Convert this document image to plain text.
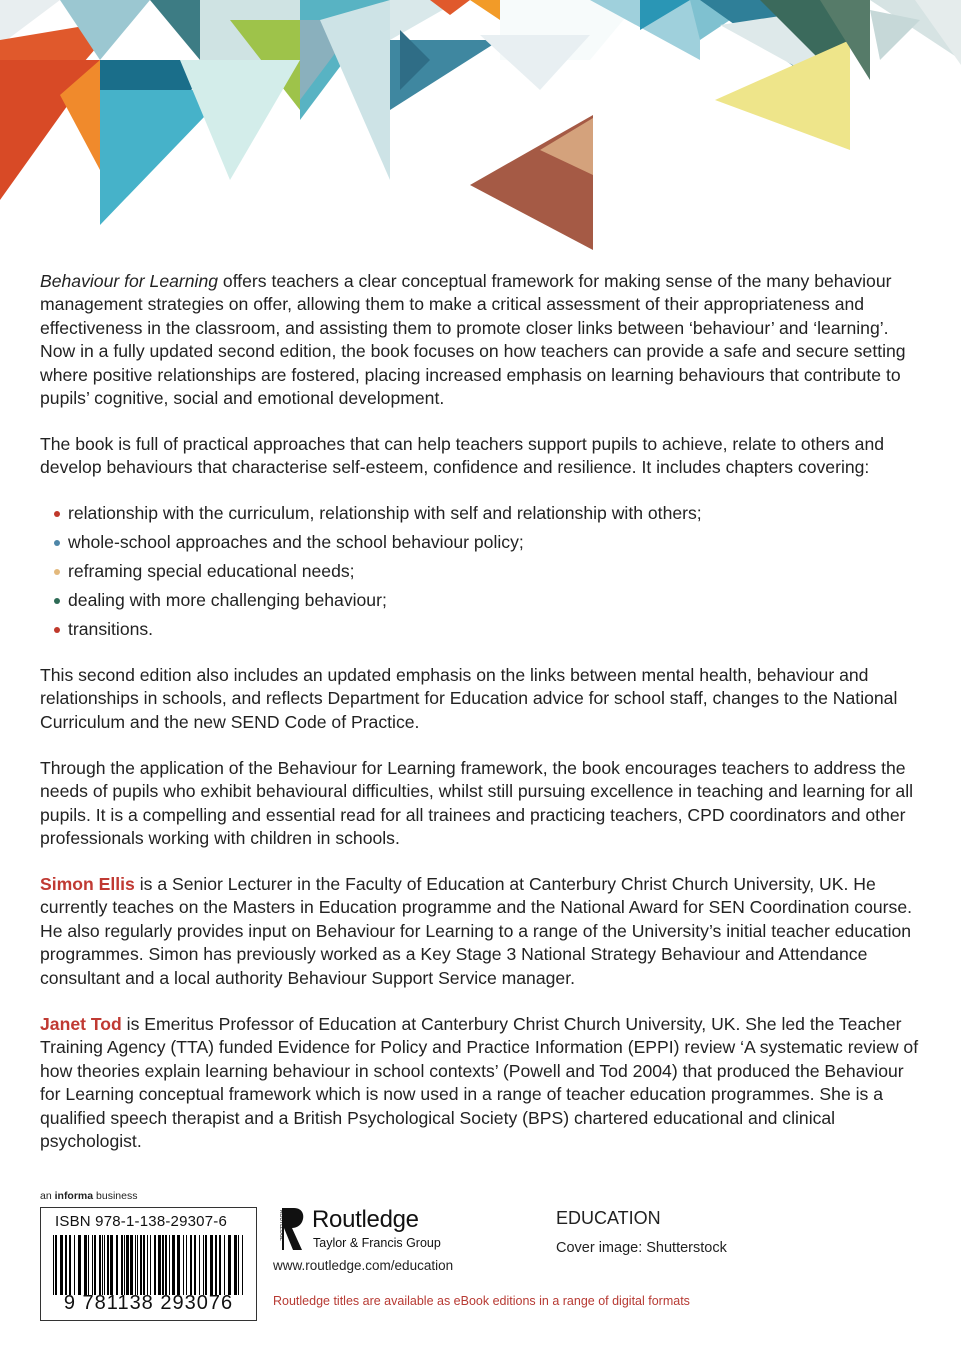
Behaviour for Learning offers teachers a clear conceptual framework for making sense of the many behaviour management strategies on offer, allowing them to make a critical assessment of their appropriateness and effectiveness in the classroom, and assisting them to promote closer links between ‘behaviour’ and ‘learning’. Now in a fully updated second edition, the book focuses on how teachers can provide a safe and secure setting where positive relationships are fostered, placing increased emphasis on learning behaviours that contribute to pupils’ cognitive, social and emotional development.

The book is full of practical approaches that can help teachers support pupils to achieve, relate to others and develop behaviours that characterise self-esteem, confidence and resilience. It includes chapters covering:

relationship with the curriculum, relationship with self and relationship with others;
whole-school approaches and the school behaviour policy;
reframing special educational needs;
dealing with more challenging behaviour;
transitions.

This second edition also includes an updated emphasis on the links between mental health, behaviour and relationships in schools, and reflects Department for Education advice for school staff, changes to the National Curriculum and the new SEND Code of Practice.

Through the application of the Behaviour for Learning framework, the book encourages teachers to address the needs of pupils who exhibit behavioural difficulties, whilst still pursuing excellence in teaching and learning for all pupils. It is a compelling and essential read for all trainees and practicing teachers, CPD coordinators and other professionals working with children in schools.

Simon Ellis is a Senior Lecturer in the Faculty of Education at Canterbury Christ Church University, UK. He currently teaches on the Masters in Education programme and the National Award for SEN Coordination course. He also regularly provides input on Behaviour for Learning to a range of the University’s initial teacher education programmes. Simon has previously worked as a Key Stage 3 National Strategy Behaviour and Attendance consultant and a local authority Behaviour Support Service manager.

Janet Tod is Emeritus Professor of Education at Canterbury Christ Church University, UK. She led the Teacher Training Agency (TTA) funded Evidence for Policy and Practice Information (EPPI) review ‘A systematic review of how theories explain learning behaviour in school contexts’ (Powell and Tod 2004) that produced the Behaviour for Learning conceptual framework which is now used in a range of teacher education programmes. She is a qualified speech therapist and a British Psychological Society (BPS) chartered educational and clinical psychologist.

an informa business
ISBN 978-1-138-29307-6
9 781138 293076
ROUTLEDGE Routledge
Taylor & Francis Group
www.routledge.com/education
Routledge titles are available as eBook editions in a range of digital formats
EDUCATION
Cover image: Shutterstock
